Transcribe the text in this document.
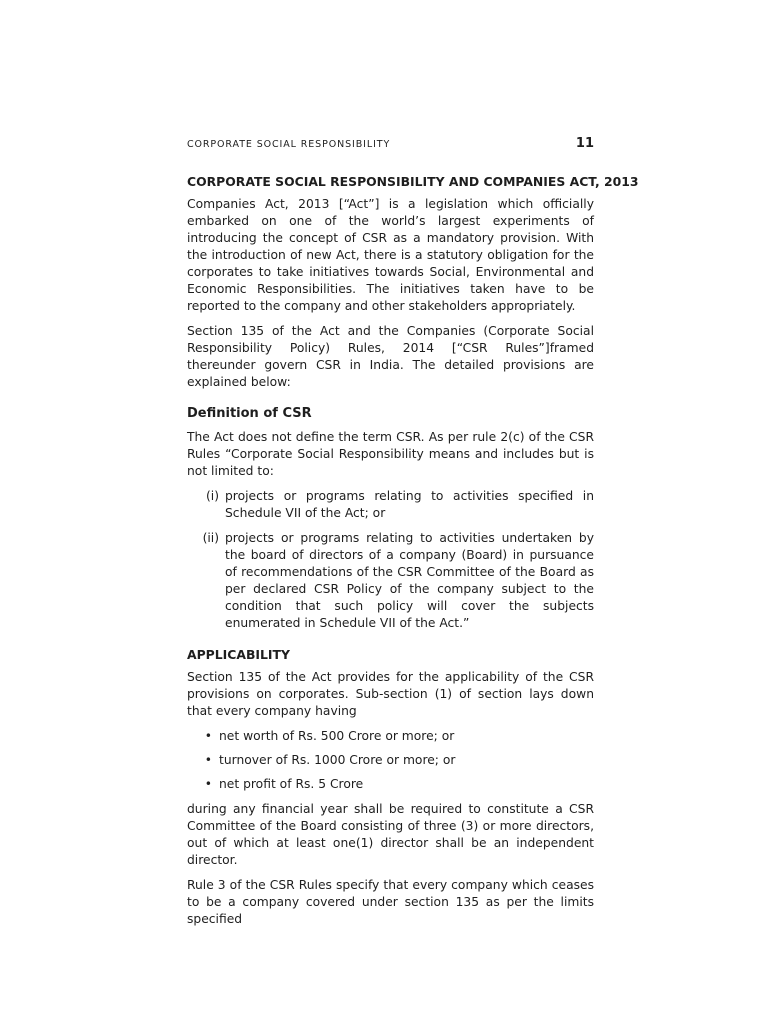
CORPORATE SOCIAL RESPONSIBILITY	11
CORPORATE SOCIAL RESPONSIBILITY AND COMPANIES ACT, 2013

Companies Act, 2013 [“Act”] is a legislation which officially embarked on one of the world’s largest experiments of introducing the concept of CSR as a mandatory provision. With the introduction of new Act, there is a statutory obligation for the corporates to take initiatives towards Social, Environmental and Economic Responsibilities. The initiatives taken have to be reported to the company and other stakeholders appropriately.

Section 135 of the Act and the Companies (Corporate Social Responsibility Policy) Rules, 2014 [“CSR Rules”]framed thereunder govern CSR in India. The detailed provisions are explained below:

Definition of CSR

The Act does not define the term CSR. As per rule 2(c) of the CSR Rules “Corporate Social Responsibility means and includes but is not limited to:

(i) projects or programs relating to activities specified in Schedule VII of the Act; or
(ii) projects or programs relating to activities undertaken by the board of directors of a company (Board) in pursuance of recommendations of the CSR Committee of the Board as per declared CSR Policy of the company subject to the condition that such policy will cover the subjects enumerated in Schedule VII of the Act.”
APPLICABILITY

Section 135 of the Act provides for the applicability of the CSR provisions on corporates. Sub-section (1) of section lays down that every company having

• net worth of Rs. 500 Crore or more; or
• turnover of Rs. 1000 Crore or more; or
• net profit of Rs. 5 Crore

during any financial year shall be required to constitute a CSR Committee of the Board consisting of three (3) or more directors, out of which at least one(1) director shall be an independent director.

Rule 3 of the CSR Rules specify that every company which ceases to be a company covered under section 135 as per the limits specified
